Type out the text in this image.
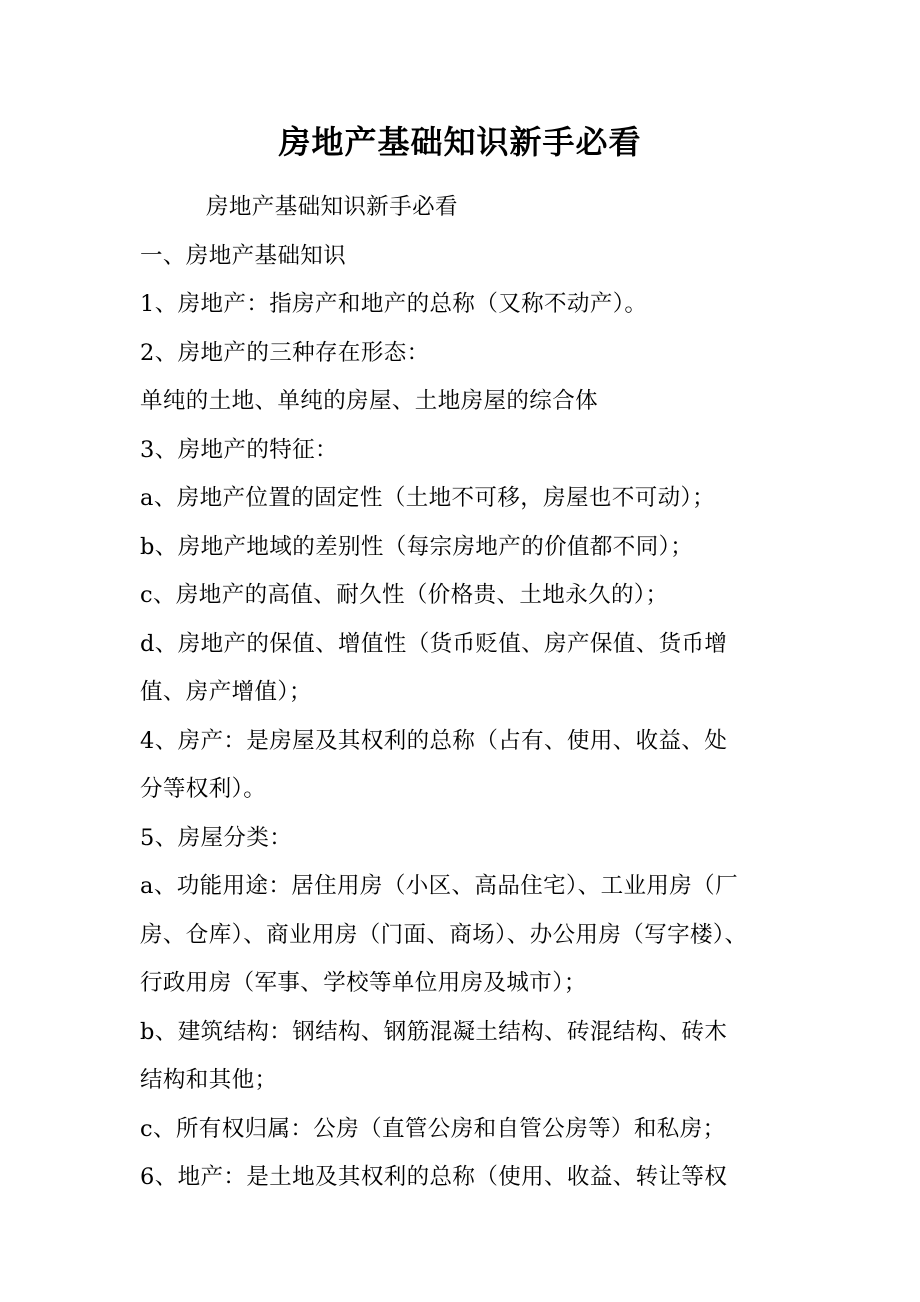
房地产基础知识新手必看
房地产基础知识新手必看
一、房地产基础知识
1、房地产：指房产和地产的总称（又称不动产）。
2、房地产的三种存在形态：
单纯的土地、单纯的房屋、土地房屋的综合体
3、房地产的特征：
a、房地产位置的固定性（土地不可移，房屋也不可动）；
b、房地产地域的差别性（每宗房地产的价值都不同）；
c、房地产的高值、耐久性（价格贵、土地永久的）；
d、房地产的保值、增值性（货币贬值、房产保值、货币增
值、房产增值）；
4、房产：是房屋及其权利的总称（占有、使用、收益、处
分等权利）。
5、房屋分类：
a、功能用途：居住用房（小区、高品住宅）、工业用房（厂
房、仓库）、商业用房（门面、商场）、办公用房（写字楼）、
行政用房（军事、学校等单位用房及城市）；
b、建筑结构：钢结构、钢筋混凝土结构、砖混结构、砖木
结构和其他；
c、所有权归属：公房（直管公房和自管公房等）和私房；
6、地产：是土地及其权利的总称（使用、收益、转让等权
